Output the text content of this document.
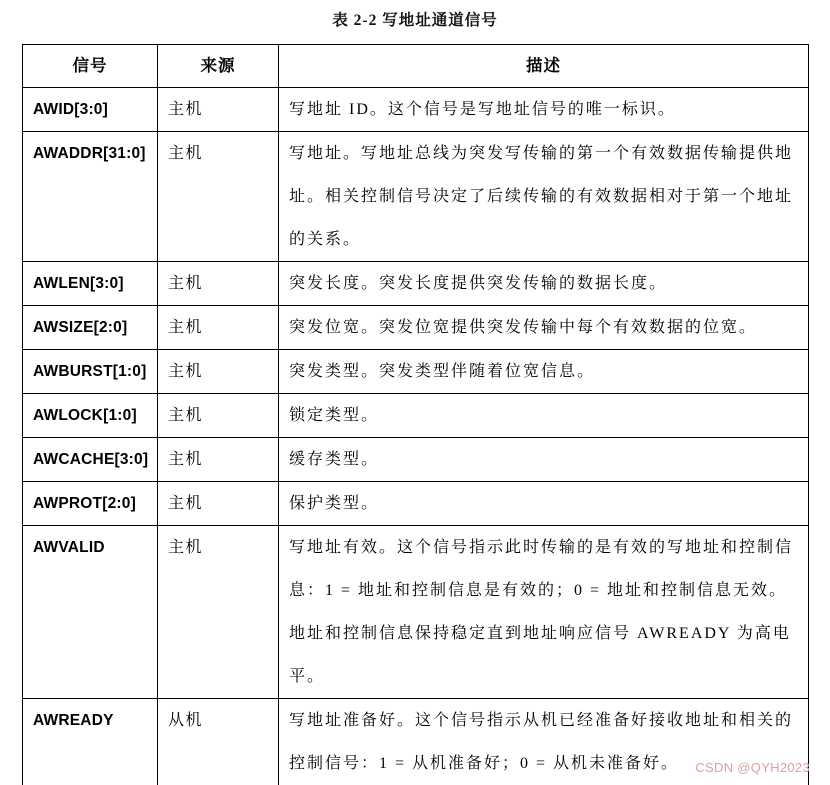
表 2-2 写地址通道信号
信号	来源	描述
AWID[3:0]	主机	写地址 ID。这个信号是写地址信号的唯一标识。
AWADDR[31:0]	主机	写地址。写地址总线为突发写传输的第一个有效数据传输提供地址。相关控制信号决定了后续传输的有效数据相对于第一个地址的关系。
AWLEN[3:0]	主机	突发长度。突发长度提供突发传输的数据长度。
AWSIZE[2:0]	主机	突发位宽。突发位宽提供突发传输中每个有效数据的位宽。
AWBURST[1:0]	主机	突发类型。突发类型伴随着位宽信息。
AWLOCK[1:0]	主机	锁定类型。
AWCACHE[3:0]	主机	缓存类型。
AWPROT[2:0]	主机	保护类型。
AWVALID	主机	写地址有效。这个信号指示此时传输的是有效的写地址和控制信息：1 = 地址和控制信息是有效的；0 = 地址和控制信息无效。地址和控制信息保持稳定直到地址响应信号 AWREADY 为高电平。
AWREADY	从机	写地址准备好。这个信号指示从机已经准备好接收地址和相关的控制信号：1 = 从机准备好；0 = 从机未准备好。 CSDN @QYH2023
